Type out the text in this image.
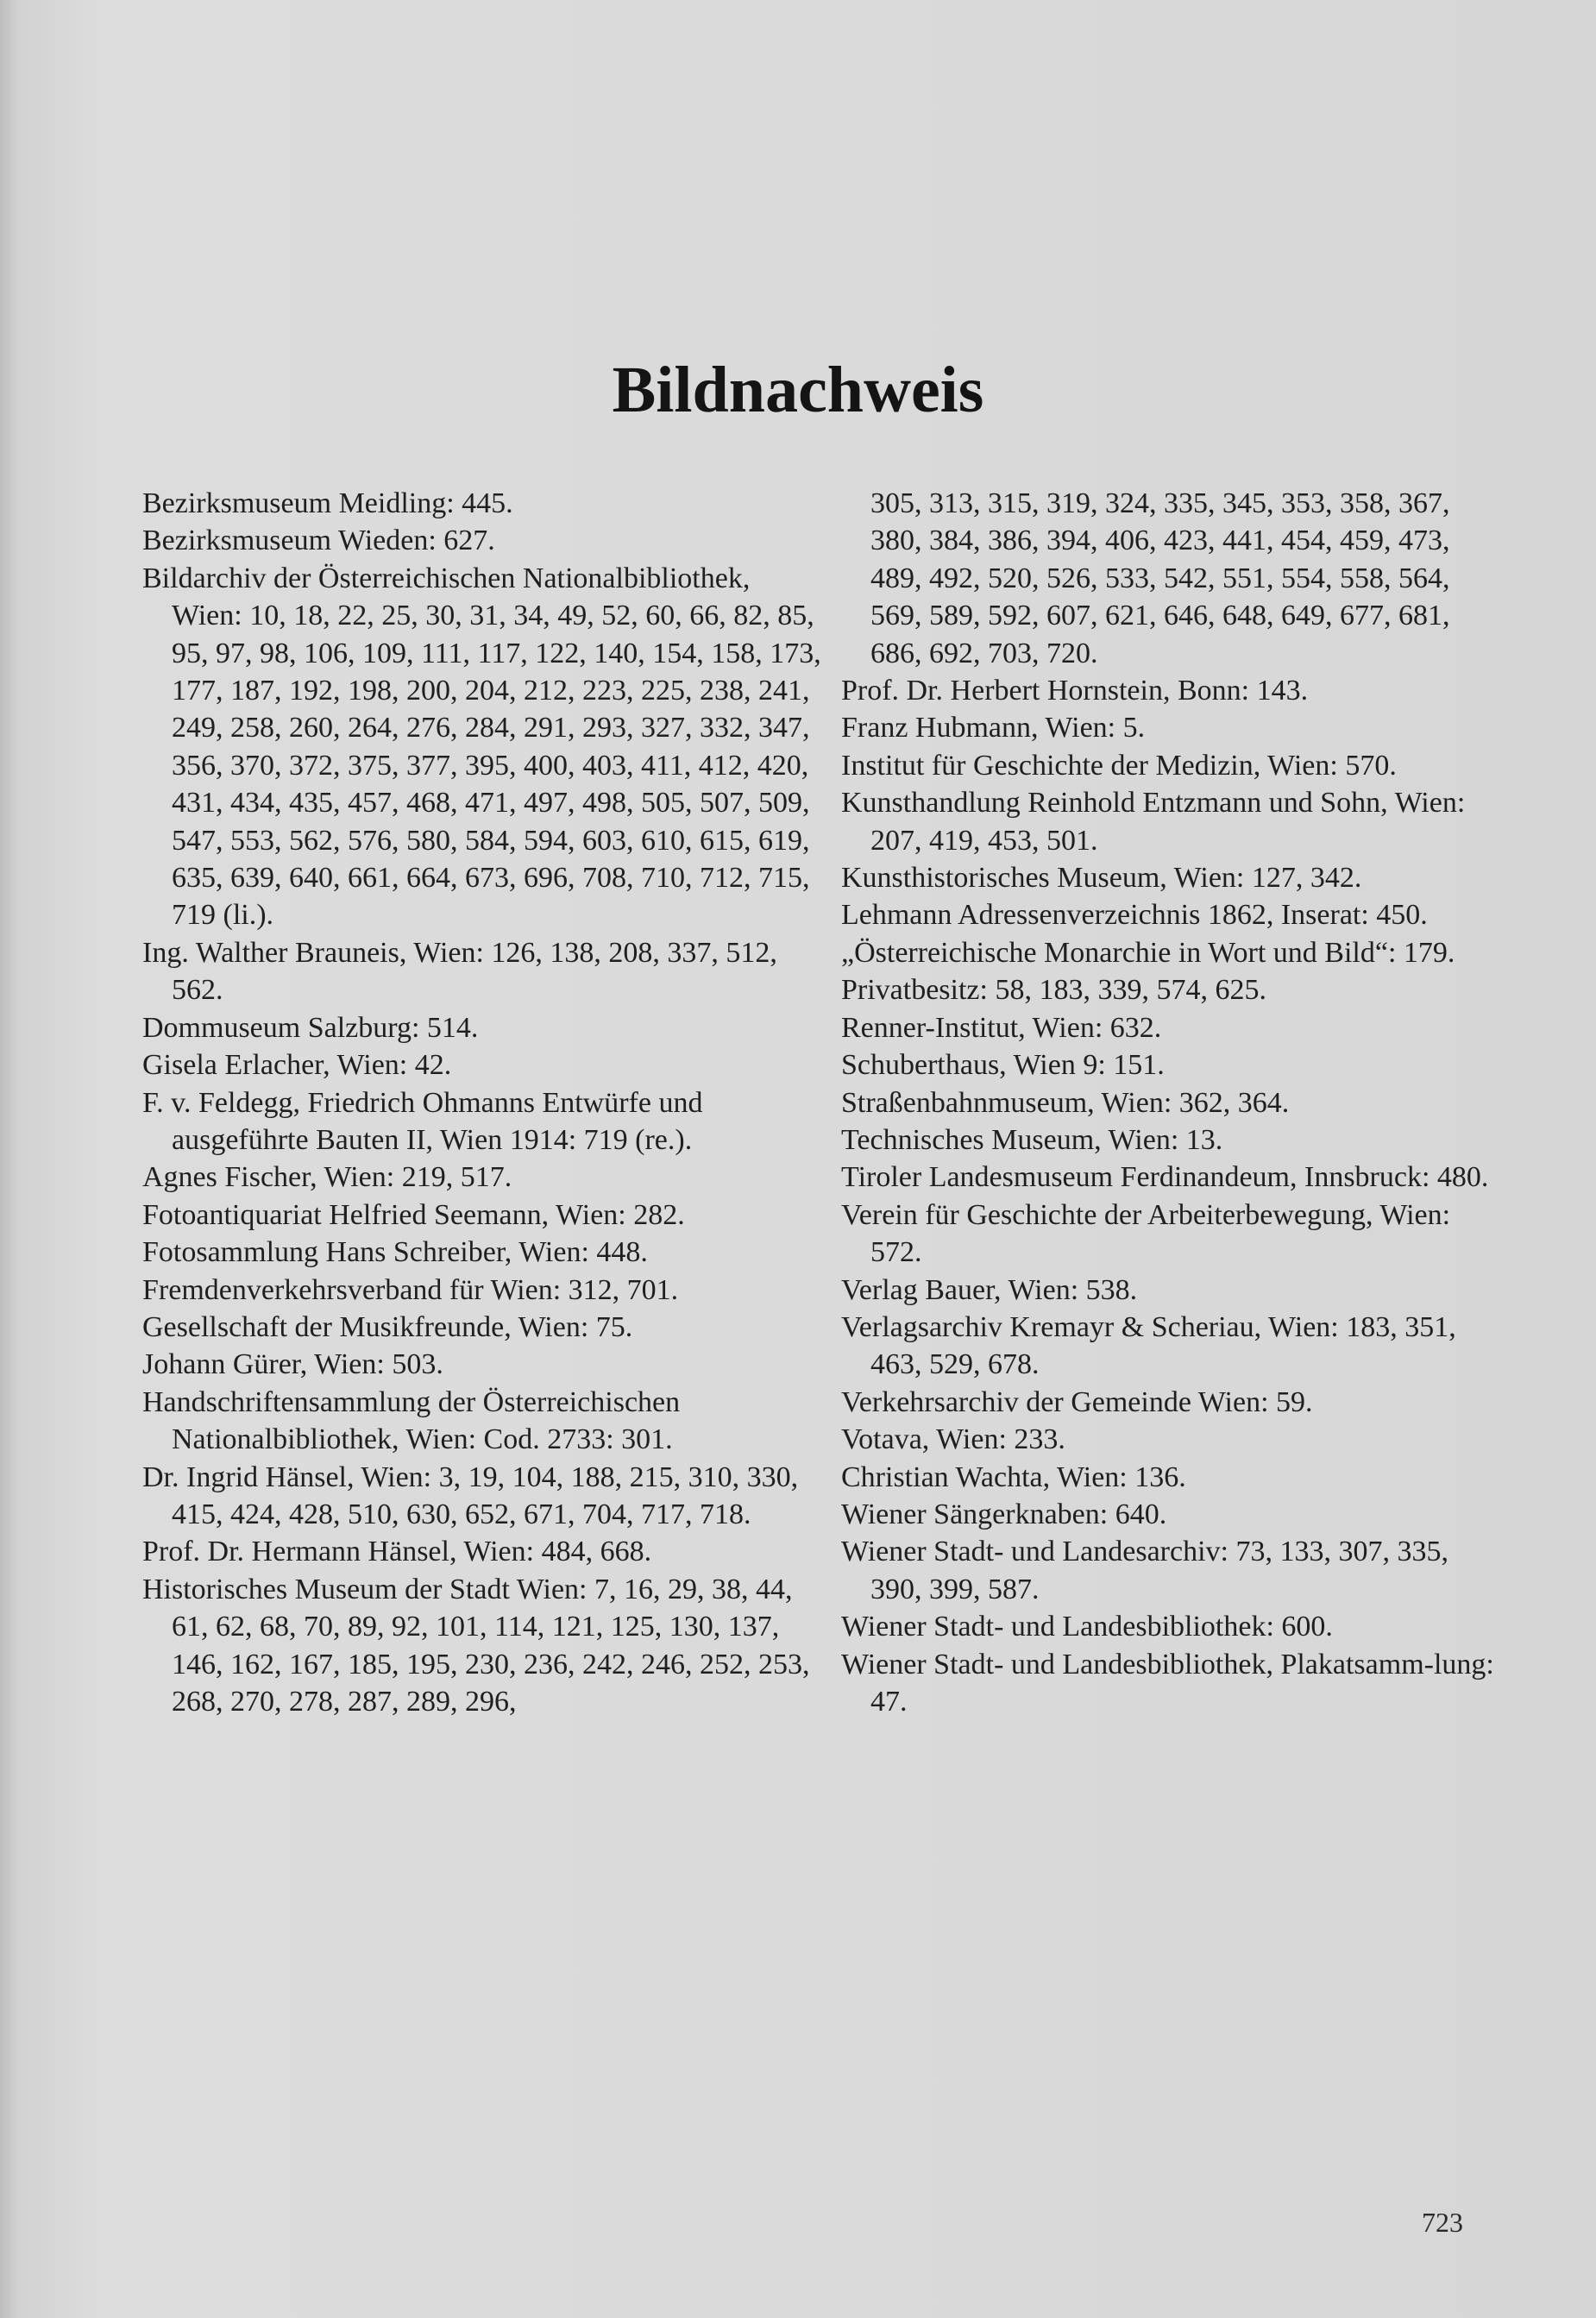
Bildnachweis

Bezirksmuseum Meidling: 445.

Bezirksmuseum Wieden: 627.

Bildarchiv der Österreichischen Nationalbibliothek, Wien: 10, 18, 22, 25, 30, 31, 34, 49, 52, 60, 66, 82, 85, 95, 97, 98, 106, 109, 111, 117, 122, 140, 154, 158, 173, 177, 187, 192, 198, 200, 204, 212, 223, 225, 238, 241, 249, 258, 260, 264, 276, 284, 291, 293, 327, 332, 347, 356, 370, 372, 375, 377, 395, 400, 403, 411, 412, 420, 431, 434, 435, 457, 468, 471, 497, 498, 505, 507, 509, 547, 553, 562, 576, 580, 584, 594, 603, 610, 615, 619, 635, 639, 640, 661, 664, 673, 696, 708, 710, 712, 715, 719 (li.).

Ing. Walther Brauneis, Wien: 126, 138, 208, 337, 512, 562.

Dommuseum Salzburg: 514.

Gisela Erlacher, Wien: 42.

F. v. Feldegg, Friedrich Ohmanns Entwürfe und ausgeführte Bauten II, Wien 1914: 719 (re.).

Agnes Fischer, Wien: 219, 517.

Fotoantiquariat Helfried Seemann, Wien: 282.

Fotosammlung Hans Schreiber, Wien: 448.

Fremdenverkehrsverband für Wien: 312, 701.

Gesellschaft der Musikfreunde, Wien: 75.

Johann Gürer, Wien: 503.

Handschriftensammlung der Österreichischen Nationalbibliothek, Wien: Cod. 2733: 301.

Dr. Ingrid Hänsel, Wien: 3, 19, 104, 188, 215, 310, 330, 415, 424, 428, 510, 630, 652, 671, 704, 717, 718.

Prof. Dr. Hermann Hänsel, Wien: 484, 668.

Historisches Museum der Stadt Wien: 7, 16, 29, 38, 44, 61, 62, 68, 70, 89, 92, 101, 114, 121, 125, 130, 137, 146, 162, 167, 185, 195, 230, 236, 242, 246, 252, 253, 268, 270, 278, 287, 289, 296,

305, 313, 315, 319, 324, 335, 345, 353, 358, 367, 380, 384, 386, 394, 406, 423, 441, 454, 459, 473, 489, 492, 520, 526, 533, 542, 551, 554, 558, 564, 569, 589, 592, 607, 621, 646, 648, 649, 677, 681, 686, 692, 703, 720.

Prof. Dr. Herbert Hornstein, Bonn: 143.

Franz Hubmann, Wien: 5.

Institut für Geschichte der Medizin, Wien: 570.

Kunsthandlung Reinhold Entzmann und Sohn, Wien: 207, 419, 453, 501.

Kunsthistorisches Museum, Wien: 127, 342.

Lehmann Adressenverzeichnis 1862, Inserat: 450.

„Österreichische Monarchie in Wort und Bild“: 179.

Privatbesitz: 58, 183, 339, 574, 625.

Renner-Institut, Wien: 632.

Schuberthaus, Wien 9: 151.

Straßenbahnmuseum, Wien: 362, 364.

Technisches Museum, Wien: 13.

Tiroler Landesmuseum Ferdinandeum, Innsbruck: 480.

Verein für Geschichte der Arbeiterbewegung, Wien: 572.

Verlag Bauer, Wien: 538.

Verlagsarchiv Kremayr & Scheriau, Wien: 183, 351, 463, 529, 678.

Verkehrsarchiv der Gemeinde Wien: 59.

Votava, Wien: 233.

Christian Wachta, Wien: 136.

Wiener Sängerknaben: 640.

Wiener Stadt- und Landesarchiv: 73, 133, 307, 335, 390, 399, 587.

Wiener Stadt- und Landesbibliothek: 600.

Wiener Stadt- und Landesbibliothek, Plakatsamm-lung: 47.

723
